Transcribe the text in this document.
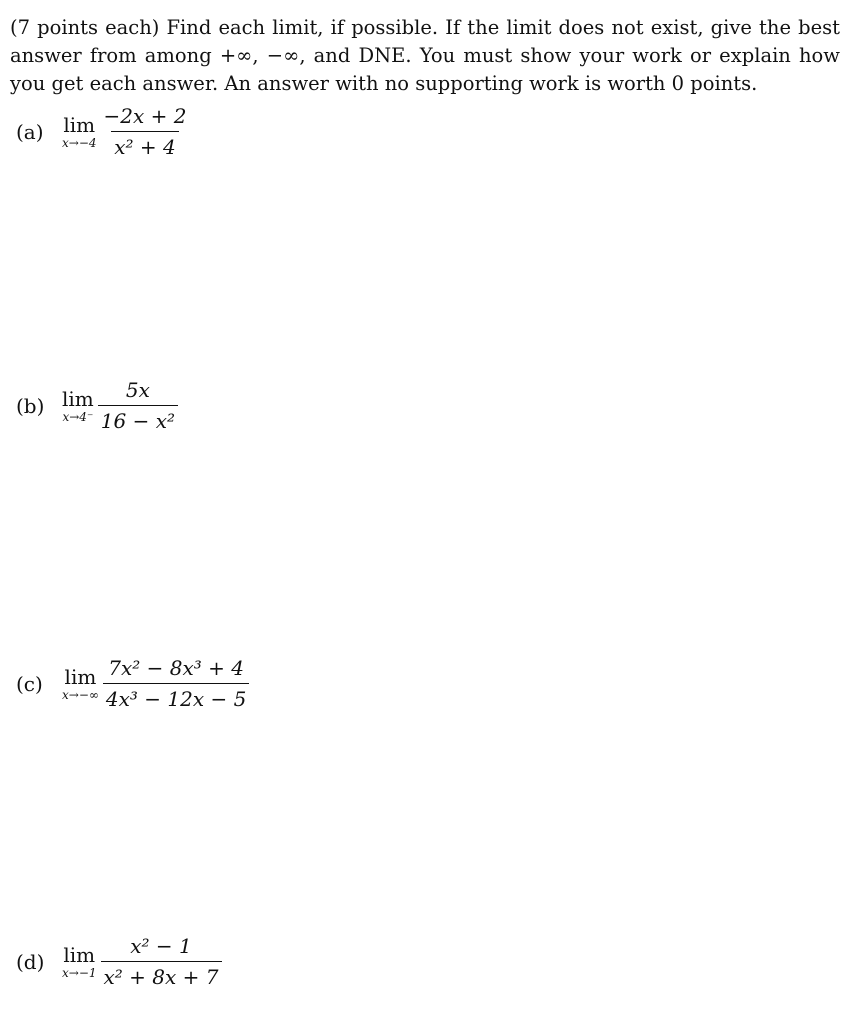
(7 points each) Find each limit, if possible. If the limit does not exist, give the best answer from among +∞, −∞, and DNE. You must show your work or explain how you get each answer. An answer with no supporting work is worth 0 points.

(a) lim
$x\to-4 \frac{-2x + 2}{\text{x² + 4}}$
(b) lim
$x\to 4^- \frac{5x}{\text{16 − x²}}$
(c)	lim
$x\to-\infty \frac{\text{7x² − 8x³ + 4}}{\text{4x³ − 12x − 5}}$
(d) lim
$x\to-1 \frac{\text{x² − 1}}{\text{x² + 8x + 7}}$
